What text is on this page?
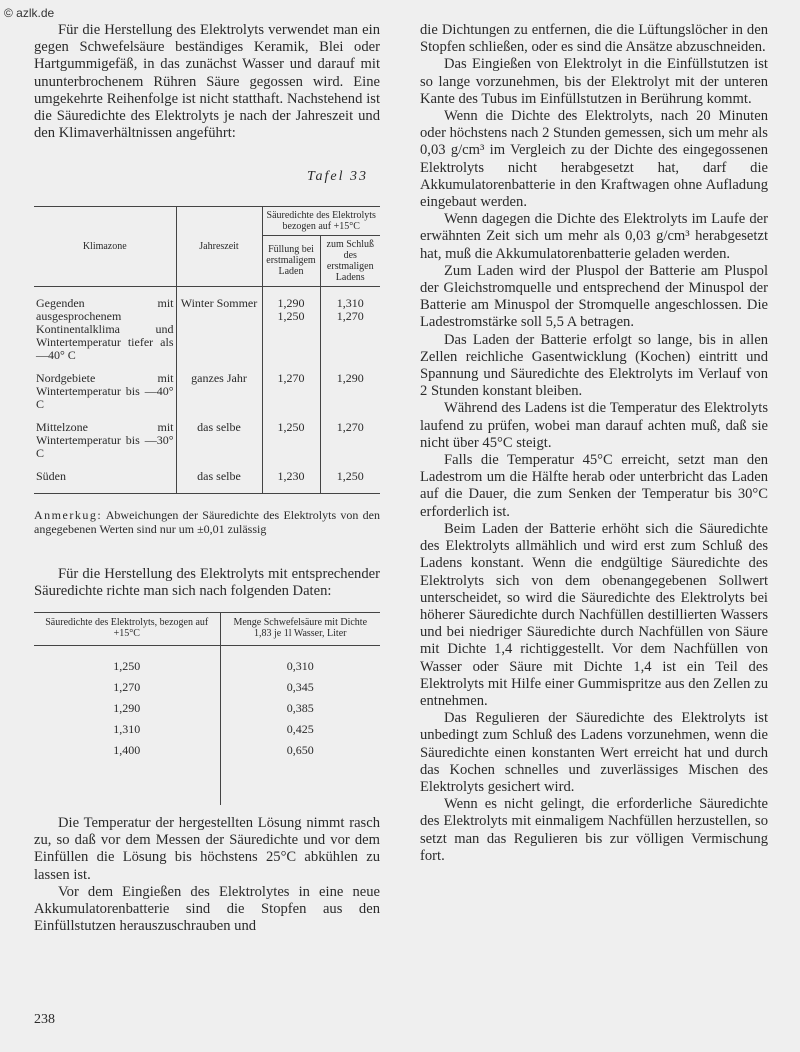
© azlk.de

Für die Herstellung des Elektrolyts verwendet man ein gegen Schwefelsäure beständiges Keramik, Blei oder Hartgummigefäß, in das zunächst Wasser und darauf mit ununterbrochenem Rühren Säure gegossen wird. Eine umgekehrte Reihenfolge ist nicht statthaft. Nachstehend ist die Säuredichte des Elektrolyts je nach der Jahreszeit und den Klimaverhältnissen angeführt:

Tafel 33
Klimazone	Jahreszeit	Säuredichte des Elektrolyts bezogen auf +15°C	
		Füllung bei erstmaligem Laden	zum Schluß des erstmaligen Ladens
Gegenden mit ausgesprochenem Kontinentalklima und Wintertemperatur tiefer als —40° C	Winter Sommer	1,290 1,250	1,310 1,270
Nordgebiete mit Wintertemperatur bis —40° C	ganzes Jahr	1,270	1,290
Mittelzone mit Wintertemperatur bis —30° C	das selbe	1,250	1,270
Süden	das selbe	1,230	1,250

Anmerkug: Abweichungen der Säuredichte des Elektrolyts von den angegebenen Werten sind nur um ±0,01 zulässig

Für die Herstellung des Elektrolyts mit entsprechender Säuredichte richte man sich nach folgenden Daten:

Säuredichte des Elektrolyts, bezogen auf +15°C	Menge Schwefelsäure mit Dichte 1,83 je 1l Wasser, Liter
1,250	0,310
1,270	0,345
1,290	0,385
1,310	0,425
1,400	0,650

Die Temperatur der hergestellten Lösung nimmt rasch zu, so daß vor dem Messen der Säuredichte und vor dem Einfüllen die Lösung bis höchstens 25°C abkühlen zu lassen ist.

Vor dem Eingießen des Elektrolytes in eine neue Akkumulatorenbatterie sind die Stopfen aus den Einfüllstutzen herauszuschrauben und

die Dichtungen zu entfernen, die die Lüftungslöcher in den Stopfen schließen, oder es sind die Ansätze abzuschneiden.

Das Eingießen von Elektrolyt in die Einfüllstutzen ist so lange vorzunehmen, bis der Elektrolyt mit der unteren Kante des Tubus im Einfüllstutzen in Berührung kommt.

Wenn die Dichte des Elektrolyts, nach 20 Minuten oder höchstens nach 2 Stunden gemessen, sich um mehr als 0,03 g/cm³ im Vergleich zu der Dichte des eingegossenen Elektrolyts nicht herabgesetzt hat, darf die Akkumulatorenbatterie in den Kraftwagen ohne Aufladung eingebaut werden.

Wenn dagegen die Dichte des Elektrolyts im Laufe der erwähnten Zeit sich um mehr als 0,03 g/cm³ herabgesetzt hat, muß die Akkumulatorenbatterie geladen werden.

Zum Laden wird der Pluspol der Batterie am Pluspol der Gleichstromquelle und entsprechend der Minuspol der Batterie am Minuspol der Stromquelle angeschlossen. Die Ladestromstärke soll 5,5 A betragen.

Das Laden der Batterie erfolgt so lange, bis in allen Zellen reichliche Gasentwicklung (Kochen) eintritt und Spannung und Säuredichte des Elektrolyts im Verlauf von 2 Stunden konstant bleiben.

Während des Ladens ist die Temperatur des Elektrolyts laufend zu prüfen, wobei man darauf achten muß, daß sie nicht über 45°C steigt.

Falls die Temperatur 45°C erreicht, setzt man den Ladestrom um die Hälfte herab oder unterbricht das Laden auf die Dauer, die zum Senken der Temperatur bis 30°C erforderlich ist.

Beim Laden der Batterie erhöht sich die Säuredichte des Elektrolyts allmählich und wird erst zum Schluß des Ladens konstant. Wenn die endgültige Säuredichte des Elektrolyts sich von dem obenangegebenen Sollwert unterscheidet, so wird die Säuredichte des Elektrolyts bei höherer Säuredichte durch Nachfüllen destillierten Wassers und bei niedriger Säuredichte durch Nachfüllen von Säure mit Dichte 1,4 richtiggestellt. Vor dem Nachfüllen von Wasser oder Säure mit Dichte 1,4 ist ein Teil des Elektrolyts mit Hilfe einer Gummispritze aus den Zellen zu entnehmen.

Das Regulieren der Säuredichte des Elektrolyts ist unbedingt zum Schluß des Ladens vorzunehmen, wenn die Säuredichte einen konstanten Wert erreicht hat und durch das Kochen schnelles und zuverlässiges Mischen des Elektrolyts gesichert wird.

Wenn es nicht gelingt, die erforderliche Säuredichte des Elektrolyts mit einmaligem Nachfüllen herzustellen, so setzt man das Regulieren bis zur völligen Vermischung fort.

238
